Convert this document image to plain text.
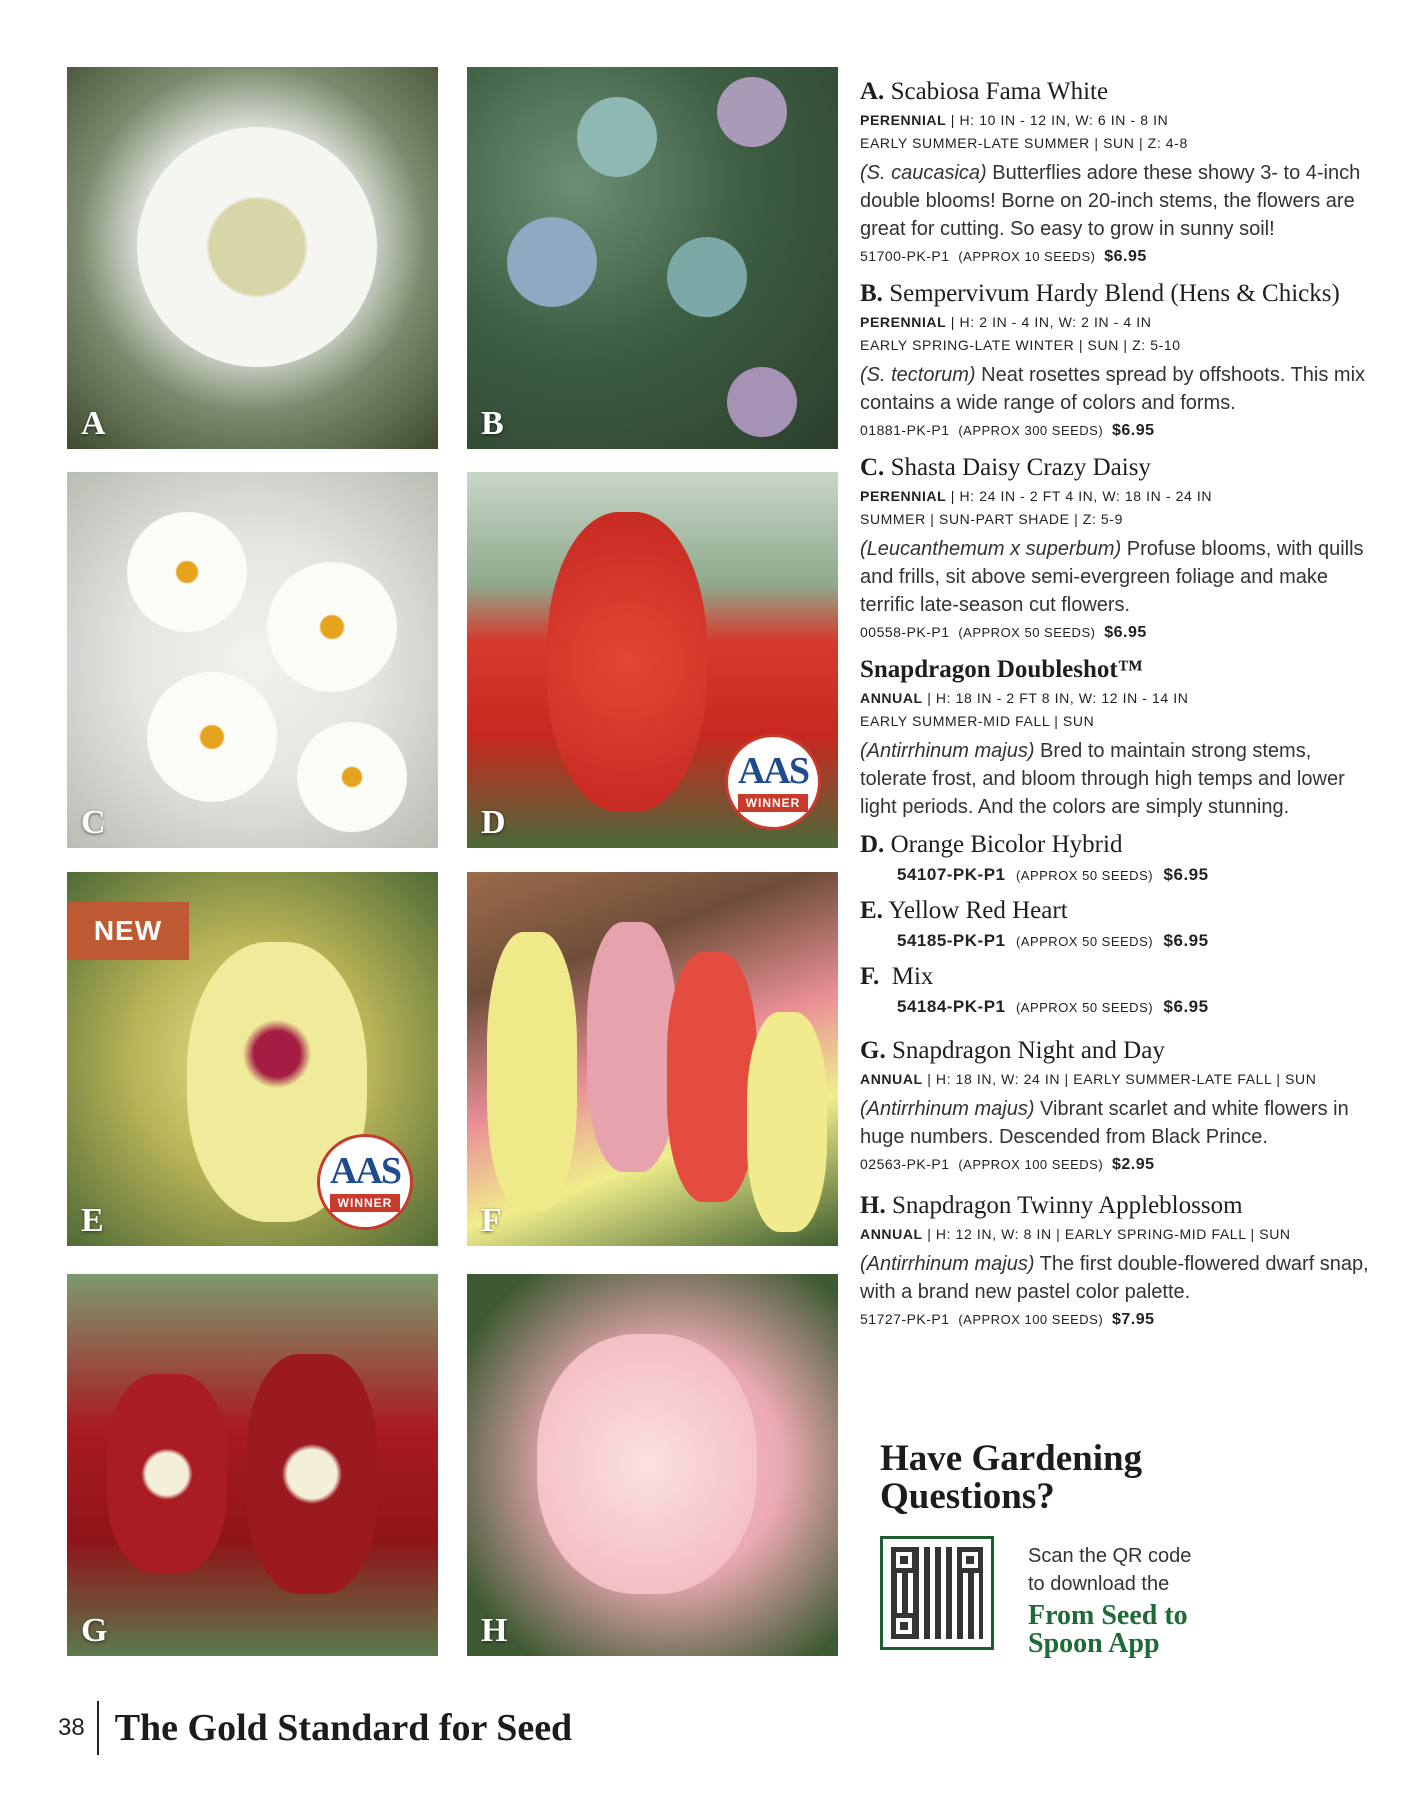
A	B
C
AAS
WINNER
D
NEW
AAS
WINNER
E	F
G	H
A. Scabiosa Fama White
PERENNIAL | H: 10 IN - 12 IN, W: 6 IN - 8 IN
EARLY SUMMER-LATE SUMMER | SUN | Z: 4-8
(S. caucasica) Butterflies adore these showy 3- to 4-inch double blooms! Borne on 20-inch stems, the flowers are great for cutting. So easy to grow in sunny soil!
51700-PK-P1 (APPROX 10 SEEDS) $6.95
B. Sempervivum Hardy Blend (Hens & Chicks)
PERENNIAL | H: 2 IN - 4 IN, W: 2 IN - 4 IN
EARLY SPRING-LATE WINTER | SUN | Z: 5-10
(S. tectorum) Neat rosettes spread by offshoots. This mix contains a wide range of colors and forms.
01881-PK-P1 (APPROX 300 SEEDS) $6.95
C. Shasta Daisy Crazy Daisy
PERENNIAL | H: 24 IN - 2 FT 4 IN, W: 18 IN - 24 IN
SUMMER | SUN-PART SHADE | Z: 5-9
(Leucanthemum x superbum) Profuse blooms, with quills and frills, sit above semi-evergreen foliage and make terrific late-season cut flowers.
00558-PK-P1 (APPROX 50 SEEDS) $6.95
Snapdragon Doubleshot™
ANNUAL | H: 18 IN - 2 FT 8 IN, W: 12 IN - 14 IN
EARLY SUMMER-MID FALL | SUN
(Antirrhinum majus) Bred to maintain strong stems, tolerate frost, and bloom through high temps and lower light periods. And the colors are simply stunning.
D. Orange Bicolor Hybrid
54107-PK-P1 (APPROX 50 SEEDS) $6.95
E. Yellow Red Heart
54185-PK-P1 (APPROX 50 SEEDS) $6.95
F. Mix
54184-PK-P1 (APPROX 50 SEEDS) $6.95
G. Snapdragon Night and Day
ANNUAL | H: 18 IN, W: 24 IN | EARLY SUMMER-LATE FALL | SUN
(Antirrhinum majus) Vibrant scarlet and white flowers in huge numbers. Descended from Black Prince.
02563-PK-P1 (APPROX 100 SEEDS) $2.95
H. Snapdragon Twinny Appleblossom
ANNUAL | H: 12 IN, W: 8 IN | EARLY SPRING-MID FALL | SUN
(Antirrhinum majus) The first double-flowered dwarf snap, with a brand new pastel color palette.
51727-PK-P1 (APPROX 100 SEEDS) $7.95
Have Gardening
Questions?
Scan the QR code
to download the
From Seed to
Spoon App
38 The Gold Standard for Seed
